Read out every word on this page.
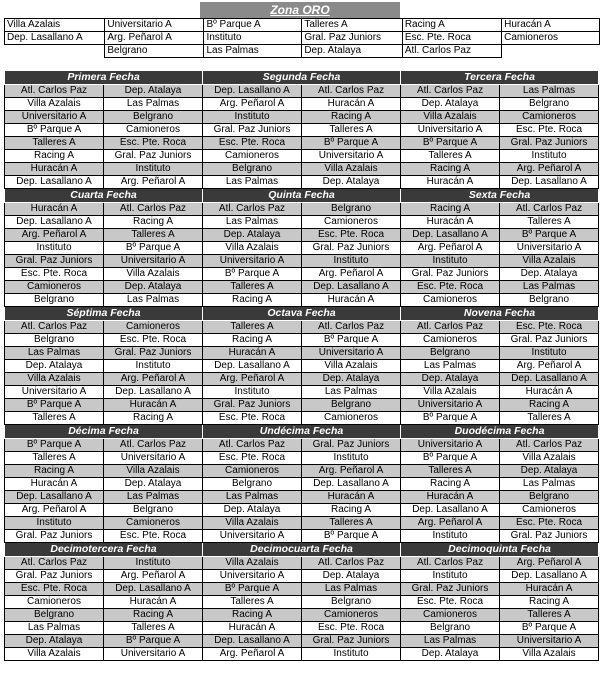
Zona ORO
Villa Azalais	Universitario A	Bº Parque A	Talleres A	Racing A	Huracán A
Dep. Lasallano A	Arg. Peñarol A	Instituto	Gral. Paz Juniors	Esc. Pte. Roca	Camioneros
	Belgrano	Las Palmas	Dep. Atalaya	Atl. Carlos Paz	
Primera Fecha		Segunda Fecha		Tercera Fecha	
Atl. Carlos Paz	Dep. Atalaya	Dep. Lasallano A	Atl. Carlos Paz	Atl. Carlos Paz	Las Palmas
Villa Azalais	Las Palmas	Arg. Peñarol A	Huracán A	Dep. Atalaya	Belgrano
Universitario A	Belgrano	Instituto	Racing A	Villa Azalais	Camioneros
Bº Parque A	Camioneros	Gral. Paz Juniors	Talleres A	Universitario A	Esc. Pte. Roca
Talleres A	Esc. Pte. Roca	Esc. Pte. Roca	Bº Parque A	Bº Parque A	Gral. Paz Juniors
Racing A	Gral. Paz Juniors	Camioneros	Universitario A	Talleres A	Instituto
Huracán A	Instituto	Belgrano	Villa Azalais	Racing A	Arg. Peñarol A
Dep. Lasallano A	Arg. Peñarol A	Las Palmas	Dep. Atalaya	Huracán A	Dep. Lasallano A
Cuarta Fecha		Quinta Fecha		Sexta Fecha	
Huracán A	Atl. Carlos Paz	Atl. Carlos Paz	Belgrano	Racing A	Atl. Carlos Paz
Dep. Lasallano A	Racing A	Las Palmas	Camioneros	Huracán A	Talleres A
Arg. Peñarol A	Talleres A	Dep. Atalaya	Esc. Pte. Roca	Dep. Lasallano A	Bº Parque A
Instituto	Bº Parque A	Villa Azalais	Gral. Paz Juniors	Arg. Peñarol A	Universitario A
Gral. Paz Juniors	Universitario A	Universitario A	Instituto	Instituto	Villa Azalais
Esc. Pte. Roca	Villa Azalais	Bº Parque A	Arg. Peñarol A	Gral. Paz Juniors	Dep. Atalaya
Camioneros	Dep. Atalaya	Talleres A	Dep. Lasallano A	Esc. Pte. Roca	Las Palmas
Belgrano	Las Palmas	Racing A	Huracán A	Camioneros	Belgrano
Séptima Fecha		Octava Fecha		Novena Fecha	
Atl. Carlos Paz	Camioneros	Talleres A	Atl. Carlos Paz	Atl. Carlos Paz	Esc. Pte. Roca
Belgrano	Esc. Pte. Roca	Racing A	Bº Parque A	Camioneros	Gral. Paz Juniors
Las Palmas	Gral. Paz Juniors	Huracán A	Universitario A	Belgrano	Instituto
Dep. Atalaya	Instituto	Dep. Lasallano A	Villa Azalais	Las Palmas	Arg. Peñarol A
Villa Azalais	Arg. Peñarol A	Arg. Peñarol A	Dep. Atalaya	Dep. Atalaya	Dep. Lasallano A
Universitario A	Dep. Lasallano A	Instituto	Las Palmas	Villa Azalais	Huracán A
Bº Parque A	Huracán A	Gral. Paz Juniors	Belgrano	Universitario A	Racing A
Talleres A	Racing A	Esc. Pte. Roca	Camioneros	Bº Parque A	Talleres A
Décima Fecha		Undécima Fecha		Duodécima Fecha	
Bº Parque A	Atl. Carlos Paz	Atl. Carlos Paz	Gral. Paz Juniors	Universitario A	Atl. Carlos Paz
Talleres A	Universitario A	Esc. Pte. Roca	Instituto	Bº Parque A	Villa Azalais
Racing A	Villa Azalais	Camioneros	Arg. Peñarol A	Talleres A	Dep. Atalaya
Huracán A	Dep. Atalaya	Belgrano	Dep. Lasallano A	Racing A	Las Palmas
Dep. Lasallano A	Las Palmas	Las Palmas	Huracán A	Huracán A	Belgrano
Arg. Peñarol A	Belgrano	Dep. Atalaya	Racing A	Dep. Lasallano A	Camioneros
Instituto	Camioneros	Villa Azalais	Talleres A	Arg. Peñarol A	Esc. Pte. Roca
Gral. Paz Juniors	Esc. Pte. Roca	Universitario A	Bº Parque A	Instituto	Gral. Paz Juniors
Decimotercera Fecha		Decimocuarta Fecha		Decimoquinta Fecha	
Atl. Carlos Paz	Instituto	Villa Azalais	Atl. Carlos Paz	Atl. Carlos Paz	Arg. Peñarol A
Gral. Paz Juniors	Arg. Peñarol A	Universitario A	Dep. Atalaya	Instituto	Dep. Lasallano A
Esc. Pte. Roca	Dep. Lasallano A	Bº Parque A	Las Palmas	Gral. Paz Juniors	Huracán A
Camioneros	Huracán A	Talleres A	Belgrano	Esc. Pte. Roca	Racing A
Belgrano	Racing A	Racing A	Camioneros	Camioneros	Talleres A
Las Palmas	Talleres A	Huracán A	Esc. Pte. Roca	Belgrano	Bº Parque A
Dep. Atalaya	Bº Parque A	Dep. Lasallano A	Gral. Paz Juniors	Las Palmas	Universitario A
Villa Azalais	Universitario A	Arg. Peñarol A	Instituto	Dep. Atalaya	Villa Azalais
